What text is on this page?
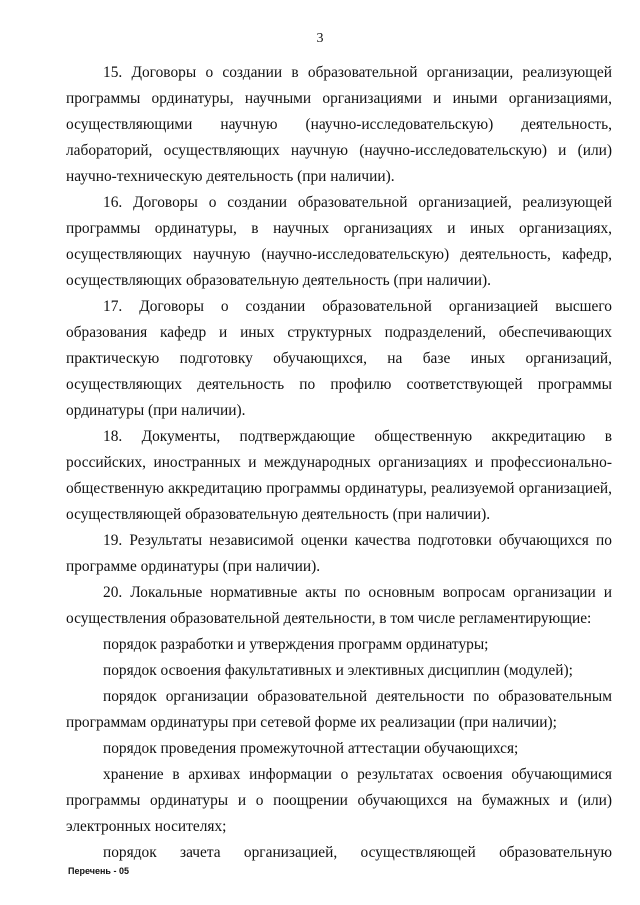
3

15. Договоры о создании в образовательной организации, реализующей программы ординатуры, научными организациями и иными организациями, осуществляющими научную (научно-исследовательскую) деятельность, лабораторий, осуществляющих научную (научно-исследовательскую) и (или) научно-техническую деятельность (при наличии).

16. Договоры о создании образовательной организацией, реализующей программы ординатуры, в научных организациях и иных организациях, осуществляющих научную (научно-исследовательскую) деятельность, кафедр, осуществляющих образовательную деятельность (при наличии).

17. Договоры о создании образовательной организацией высшего образования кафедр и иных структурных подразделений, обеспечивающих практическую подготовку обучающихся, на базе иных организаций, осуществляющих деятельность по профилю соответствующей программы ординатуры (при наличии).

18. Документы, подтверждающие общественную аккредитацию в российских, иностранных и международных организациях и профессионально-общественную аккредитацию программы ординатуры, реализуемой организацией, осуществляющей образовательную деятельность (при наличии).

19. Результаты независимой оценки качества подготовки обучающихся по программе ординатуры (при наличии).

20. Локальные нормативные акты по основным вопросам организации и осуществления образовательной деятельности, в том числе регламентирующие:

порядок разработки и утверждения программ ординатуры;

порядок освоения факультативных и элективных дисциплин (модулей);

порядок организации образовательной деятельности по образовательным программам ординатуры при сетевой форме их реализации (при наличии);

порядок проведения промежуточной аттестации обучающихся;

хранение в архивах информации о результатах освоения обучающимися программы ординатуры и о поощрении обучающихся на бумажных и (или) электронных носителях;

порядок зачета организацией, осуществляющей образовательную

Перечень - 05
